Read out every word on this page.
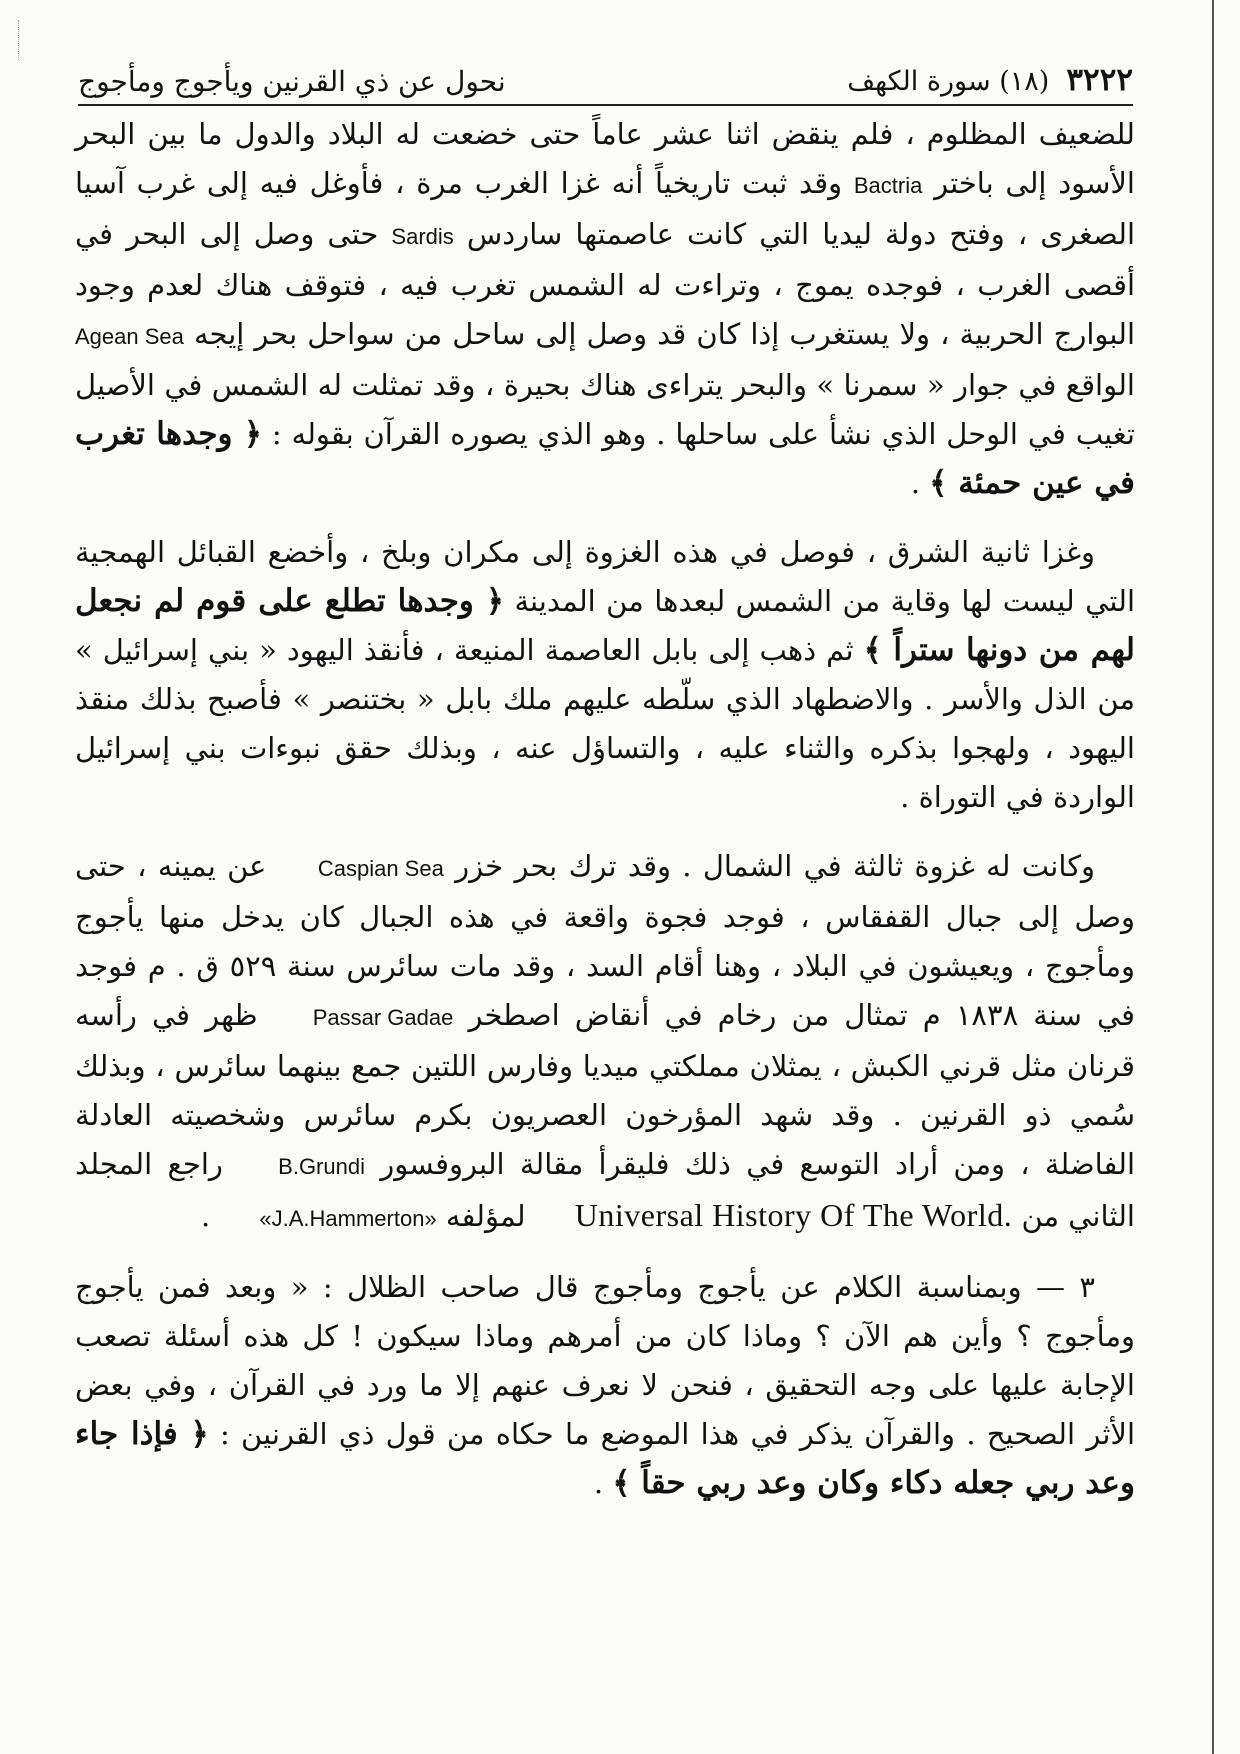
٣٢٢٢ (١٨) سورة الكهف
نحول عن ذي القرنين ويأجوج ومأجوج

للضعيف المظلوم ، فلم ينقض اثنا عشر عاماً حتى خضعت له البلاد والدول ما بين البحر الأسود إلى باختر Bactria وقد ثبت تاريخياً أنه غزا الغرب مرة ، فأوغل فيه إلى غرب آسيا الصغرى ، وفتح دولة ليديا التي كانت عاصمتها ساردس Sardis حتى وصل إلى البحر في أقصى الغرب ، فوجده يموج ، وتراءت له الشمس تغرب فيه ، فتوقف هناك لعدم وجود البوارج الحربية ، ولا يستغرب إذا كان قد وصل إلى ساحل من سواحل بحر إيجه Agean Sea الواقع في جوار « سمرنا » والبحر يتراءى هناك بحيرة ، وقد تمثلت له الشمس في الأصيل تغيب في الوحل الذي نشأ على ساحلها . وهو الذي يصوره القرآن بقوله : ﴿ وجدها تغرب في عين حمئة ﴾ .

وغزا ثانية الشرق ، فوصل في هذه الغزوة إلى مكران وبلخ ، وأخضع القبائل الهمجية التي ليست لها وقاية من الشمس لبعدها من المدينة ﴿ وجدها تطلع على قوم لم نجعل لهم من دونها ستراً ﴾ ثم ذهب إلى بابل العاصمة المنيعة ، فأنقذ اليهود « بني إسرائيل » من الذل والأسر . والاضطهاد الذي سلّطه عليهم ملك بابل « بختنصر » فأصبح بذلك منقذ اليهود ، ولهجوا بذكره والثناء عليه ، والتساؤل عنه ، وبذلك حقق نبوءات بني إسرائيل الواردة في التوراة .

وكانت له غزوة ثالثة في الشمال . وقد ترك بحر خزر Caspian Sea عن يمينه ، حتى وصل إلى جبال القفقاس ، فوجد فجوة واقعة في هذه الجبال كان يدخل منها يأجوج ومأجوج ، ويعيشون في البلاد ، وهنا أقام السد ، وقد مات سائرس سنة ٥٢٩ ق . م فوجد في سنة ١٨٣٨ م تمثال من رخام في أنقاض اصطخر Passar Gadae ظهر في رأسه قرنان مثل قرني الكبش ، يمثلان مملكتي ميديا وفارس اللتين جمع بينهما سائرس ، وبذلك سُمي ذو القرنين . وقد شهد المؤرخون العصريون بكرم سائرس وشخصيته العادلة الفاضلة ، ومن أراد التوسع في ذلك فليقرأ مقالة البروفسور B.Grundi راجع المجلد الثاني من Universal History Of The World. لمؤلفه «J.A.Hammerton» .

٣ — وبمناسبة الكلام عن يأجوج ومأجوج قال صاحب الظلال : « وبعد فمن يأجوج ومأجوج ؟ وأين هم الآن ؟ وماذا كان من أمرهم وماذا سيكون ! كل هذه أسئلة تصعب الإجابة عليها على وجه التحقيق ، فنحن لا نعرف عنهم إلا ما ورد في القرآن ، وفي بعض الأثر الصحيح . والقرآن يذكر في هذا الموضع ما حكاه من قول ذي القرنين : ﴿ فإذا جاء وعد ربي جعله دكاء وكان وعد ربي حقاً ﴾ .
